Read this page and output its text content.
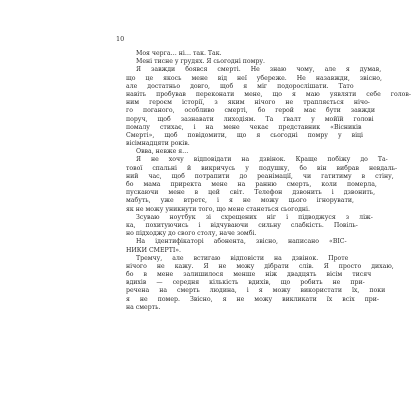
10
Моя черга… ні… так. Так.
Мені тисне у грудях. Я сьогодні помру.
Я	завжди	боявся	смерті.	Не	знаю	чому,	але	я	думав,
що	це	якось	мене	від	неї	убереже.	Не	назавжди,	звісно,
але	достатньо	довго,	щоб	я	міг	подорослішати.	Тато
навіть	пробував	переконати	мене,	що	я	маю	уявляти	себе	голов-
ним	героєм	історії,	з	яким	нічого	не	трапляється	нічо-
го	поганого,	особливо	смерті,	бо	герой	має	бути	завжди
поруч,	щоб	зазнавати	лиходіям.	Та	ґвалт	у	мойїй	голові
помалу	стихає,	і	на	мене	чекає	представник	«Вісників
Смерті»,	щоб	повідомити,	що	я	сьогодні	помру	у	віці
вісімнадцяти років.
Овва, невже я…
Я	не	хочу	відповідати	на	дзвінок.	Краще	побіжу	до	Та-
тової	спальні	й	викричусь	у	подушку,	бо	він	вибрав	невдаль-
ний	час,	щоб	потрапити	до	реанімації,	чи	гатитиму	в	стіну,
бо	мама	приректа	мене	на	ранню	смерть,	коли	померла,
пускаючи	мене	в	цей	світ.	Телефон	дзвонить	і	дзвонить,
мабуть,	уже	втретє,	і	я	не	можу	цього	ігнорувати,
як не можу уникнути того, що мене станеться сьогодні.
Зсуваю	ноутбук	зі	схрещених	ніг	і	підводжуся	з	ліж-
ка,	похитуючись	і	відчуваючи	сильну	слабкість.	Повіль-
но підходжу до свого столу, наче зомбі.
На	ідентифікаторі	абонента,	звісно,	написано	«ВІС-
НИКИ СМЕРТІ».
Тремчу,	але	встигаю	відповісти	на	дзвінок.	Проте
нічого	не	кажу.	Я	не	можу	дібрати	слів.	Я	просто	дихаю,
бо	в	мене	залишилося	менше	ніж	двадцять	вісім	тисяч
вдихів	—	середня	кількість	вдихів,	що	робить	не	при-
речена	на	смерть	людина,	і	я	можу	використати	їх,	поки
я	не	помер.	Звісно,	я	не	можу	викликати	їх	всіх	при-
на смерть.
